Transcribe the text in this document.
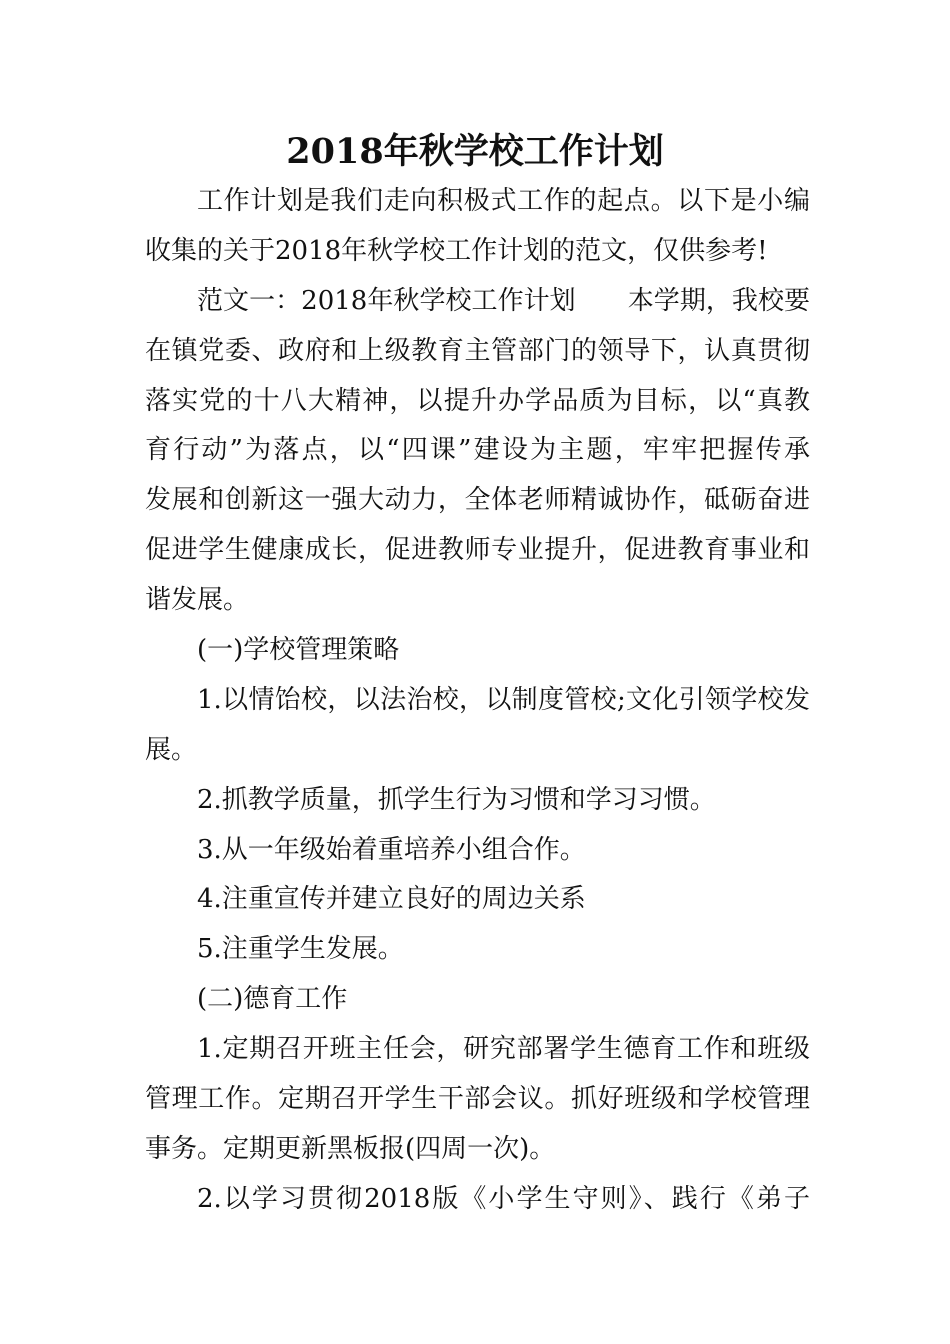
2018年秋学校工作计划
工作计划是我们走向积极式工作的起点。以下是小编
收集的关于2018年秋学校工作计划的范文，仅供参考!
范文一：2018年秋学校工作计划　　本学期，我校要
在镇党委、政府和上级教育主管部门的领导下，认真贯彻
落实党的十八大精神，以提升办学品质为目标，以“真教
育行动”为落点，以“四课”建设为主题，牢牢把握传承
发展和创新这一强大动力，全体老师精诚协作，砥砺奋进
促进学生健康成长，促进教师专业提升，促进教育事业和
谐发展。
(一)学校管理策略
1.以情饴校，以法治校，以制度管校;文化引领学校发
展。
2.抓教学质量，抓学生行为习惯和学习习惯。
3.从一年级始着重培养小组合作。
4.注重宣传并建立良好的周边关系
5.注重学生发展。
(二)德育工作
1.定期召开班主任会，研究部署学生德育工作和班级
管理工作。定期召开学生干部会议。抓好班级和学校管理
事务。定期更新黑板报(四周一次)。
2.以学习贯彻2018版《小学生守则》、践行《弟子
